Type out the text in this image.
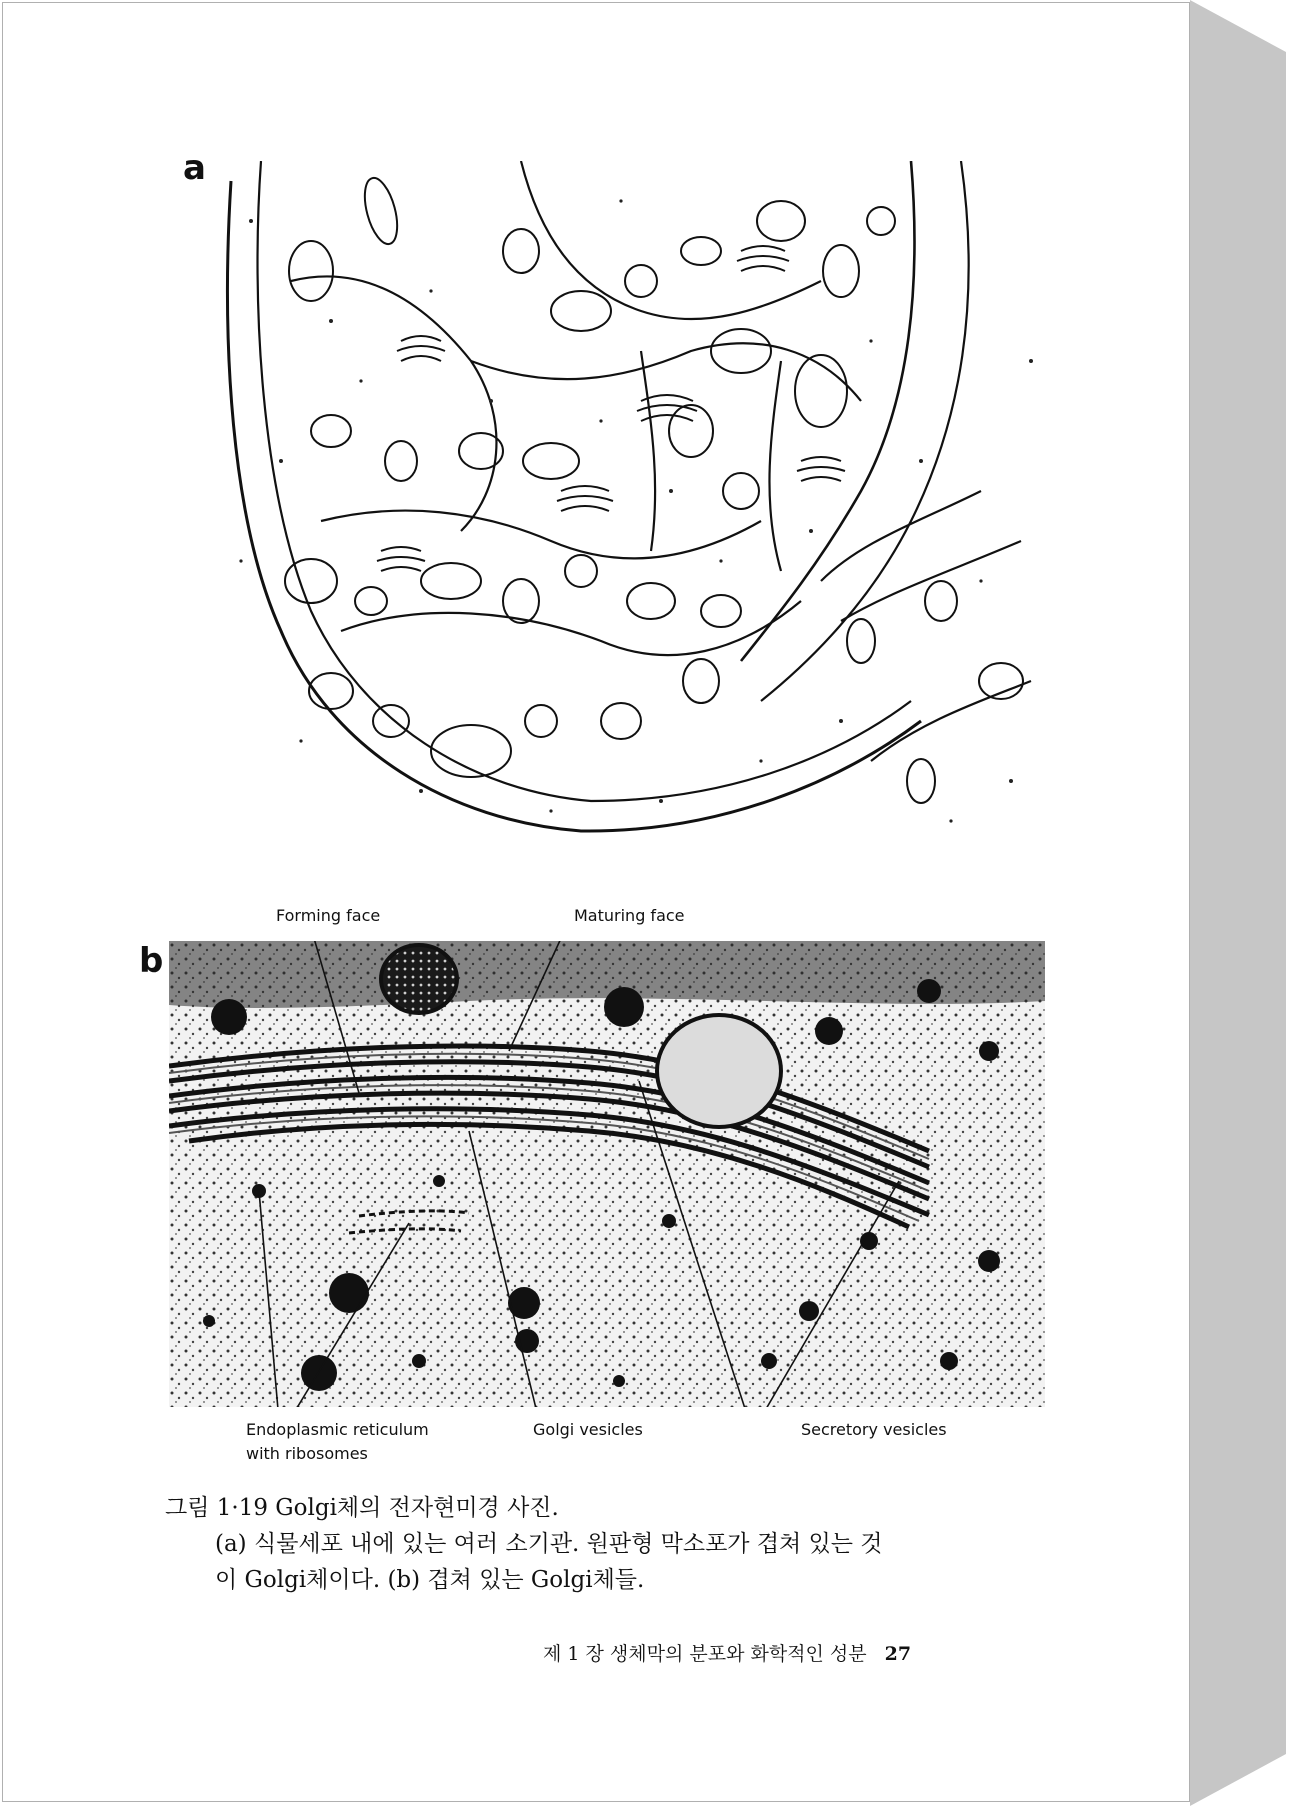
a
Forming face	Maturing face
b
Endoplasmic reticulum
with ribosomes
Golgi vesicles	Secretory vesicles
그림 1·19 Golgi체의 전자현미경 사진.
(a) 식물세포 내에 있는 여러 소기관. 원판형 막소포가 겹쳐 있는 것
이 Golgi체이다. (b) 겹쳐 있는 Golgi체들.
제 1 장 생체막의 분포와 화학적인 성분 27
